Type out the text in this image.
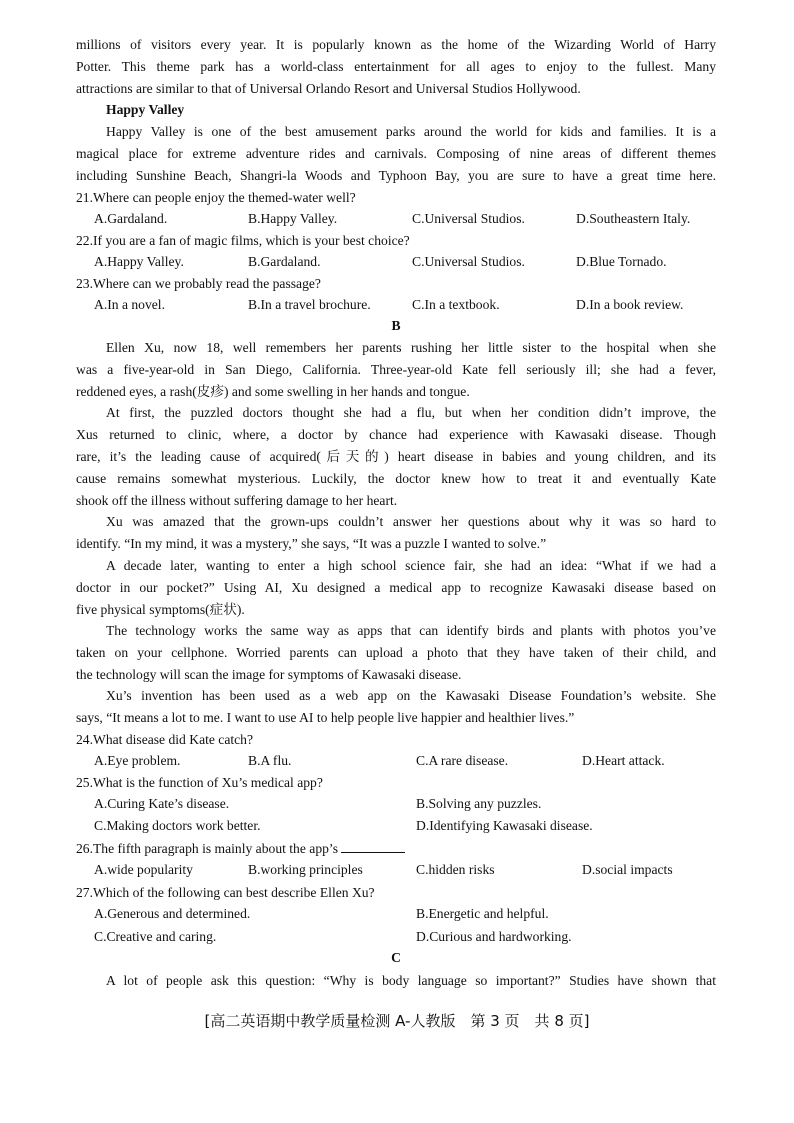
millions of visitors every year. It is popularly known as the home of the Wizarding World of Harry
Potter. This theme park has a world-class entertainment for all ages to enjoy to the fullest. Many
attractions are similar to that of Universal Orlando Resort and Universal Studios Hollywood.
Happy Valley
Happy Valley is one of the best amusement parks around the world for kids and families. It is a
magical place for extreme adventure rides and carnivals. Composing of nine areas of different themes
including Sunshine Beach, Shangri-la Woods and Typhoon Bay, you are sure to have a great time here.
21.Where can people enjoy the themed-water well?
A.Gardaland.	B.Happy Valley.	C.Universal Studios.	D.Southeastern Italy.
22.If you are a fan of magic films, which is your best choice?
A.Happy Valley.	B.Gardaland.	C.Universal Studios.	D.Blue Tornado.
23.Where can we probably read the passage?
A.In a novel.	B.In a travel brochure.	C.In a textbook.	D.In a book review.
B
Ellen Xu, now 18, well remembers her parents rushing her little sister to the hospital when she
was a five-year-old in San Diego, California. Three-year-old Kate fell seriously ill; she had a fever,
reddened eyes, a rash(皮疹) and some swelling in her hands and tongue.
At first, the puzzled doctors thought she had a flu, but when her condition didn’t improve, the
Xus returned to clinic, where, a doctor by chance had experience with Kawasaki disease. Though
rare, it’s the leading cause of acquired(后天的) heart disease in babies and young children, and its
cause remains somewhat mysterious. Luckily, the doctor knew how to treat it and eventually Kate
shook off the illness without suffering damage to her heart.
Xu was amazed that the grown-ups couldn’t answer her questions about why it was so hard to
identify. “In my mind, it was a mystery,” she says, “It was a puzzle I wanted to solve.”
A decade later, wanting to enter a high school science fair, she had an idea: “What if we had a
doctor in our pocket?” Using AI, Xu designed a medical app to recognize Kawasaki disease based on
five physical symptoms(症状).
The technology works the same way as apps that can identify birds and plants with photos you’ve
taken on your cellphone. Worried parents can upload a photo that they have taken of their child, and
the technology will scan the image for symptoms of Kawasaki disease.
Xu’s invention has been used as a web app on the Kawasaki Disease Foundation’s website. She
says, “It means a lot to me. I want to use AI to help people live happier and healthier lives.”
24.What disease did Kate catch?
A.Eye problem.	B.A flu.	C.A rare disease.	D.Heart attack.
25.What is the function of Xu’s medical app?
A.Curing Kate’s disease.	B.Solving any puzzles.
C.Making doctors work better.	D.Identifying Kawasaki disease.
26.The fifth paragraph is mainly about the app’s
A.wide popularity	B.working principles	C.hidden risks	D.social impacts
27.Which of the following can best describe Ellen Xu?
A.Generous and determined.	B.Energetic and helpful.
C.Creative and caring.	D.Curious and hardworking.
C
A lot of people ask this question: “Why is body language so important?” Studies have shown that
[高二英语期中教学质量检测 A-人教版　第 3 页　共 8 页]
